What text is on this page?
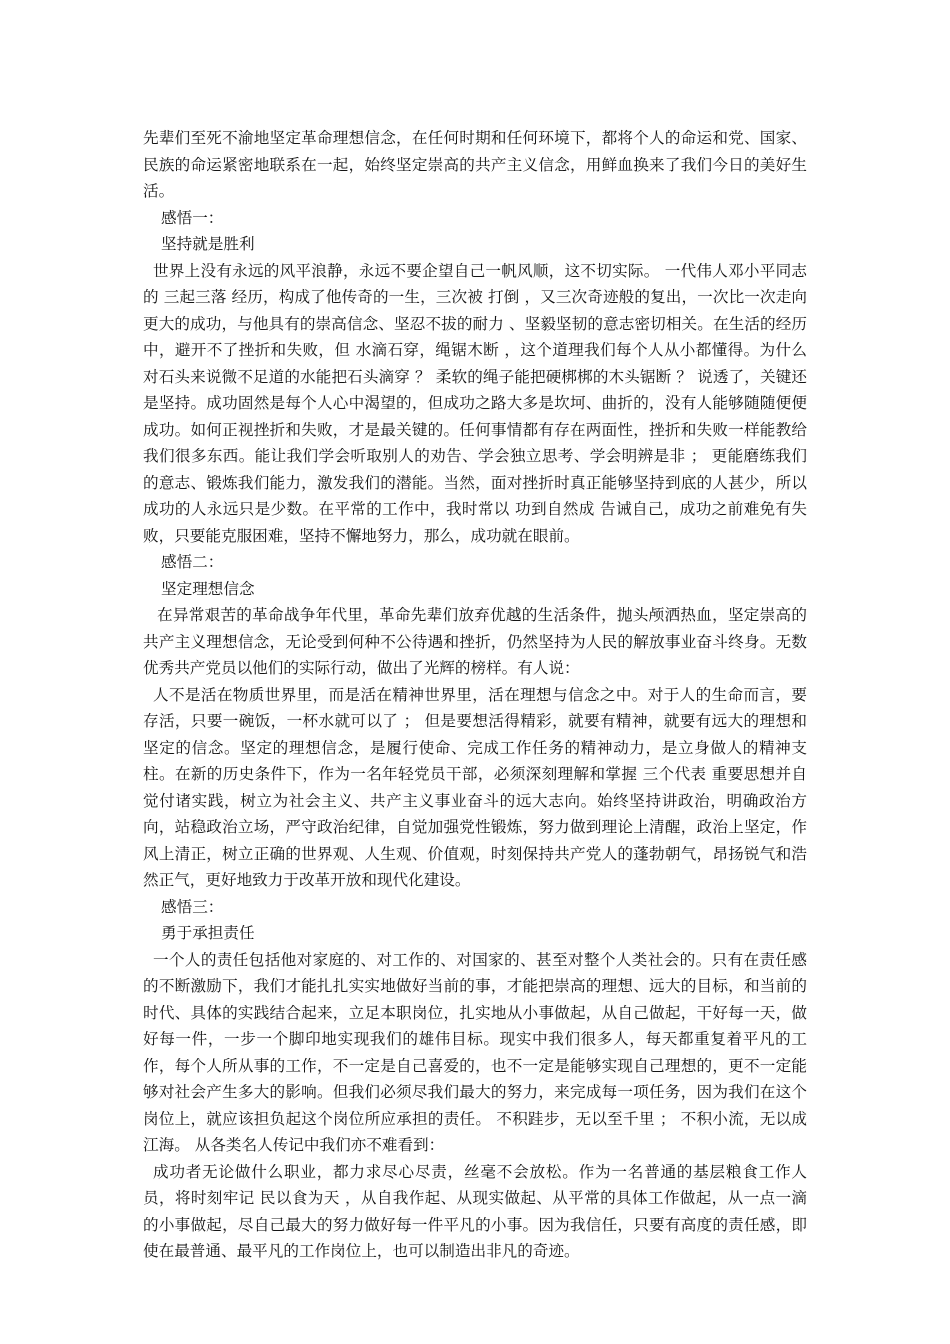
先辈们至死不渝地坚定革命理想信念，在任何时期和任何环境下，都将个人的命运和党、国家、民族的命运紧密地联系在一起，始终坚定崇高的共产主义信念，用鲜血换来了我们今日的美好生活。

感悟一：

坚持就是胜利

世界上没有永远的风平浪静，永远不要企望自己一帆风顺，这不切实际。 一代伟人邓小平同志的 三起三落 经历，构成了他传奇的一生，三次被 打倒 ，又三次奇迹般的复出，一次比一次走向更大的成功，与他具有的崇高信念、坚忍不拔的耐力 、坚毅坚韧的意志密切相关。在生活的经历中，避开不了挫折和失败，但 水滴石穿，绳锯木断 ，这个道理我们每个人从小都懂得。为什么对石头来说微不足道的水能把石头滴穿 ？ 柔软的绳子能把硬梆梆的木头锯断 ？ 说透了，关键还是坚持。成功固然是每个人心中渴望的，但成功之路大多是坎坷、曲折的，没有人能够随随便便成功。如何正视挫折和失败，才是最关键的。任何事情都有存在两面性，挫折和失败一样能教给我们很多东西。能让我们学会听取别人的劝告、学会独立思考、学会明辨是非 ； 更能磨练我们的意志、锻炼我们能力，激发我们的潜能。当然，面对挫折时真正能够坚持到底的人甚少，所以成功的人永远只是少数。在平常的工作中，我时常以 功到自然成 告诫自己，成功之前难免有失败，只要能克服困难，坚持不懈地努力，那么，成功就在眼前。

感悟二：

坚定理想信念

在异常艰苦的革命战争年代里，革命先辈们放弃优越的生活条件，抛头颅洒热血，坚定崇高的共产主义理想信念，无论受到何种不公待遇和挫折，仍然坚持为人民的解放事业奋斗终身。无数优秀共产党员以他们的实际行动，做出了光辉的榜样。有人说：

人不是活在物质世界里，而是活在精神世界里，活在理想与信念之中。对于人的生命而言，要存活，只要一碗饭，一杯水就可以了 ； 但是要想活得精彩，就要有精神，就要有远大的理想和坚定的信念。坚定的理想信念，是履行使命、完成工作任务的精神动力，是立身做人的精神支柱。在新的历史条件下，作为一名年轻党员干部，必须深刻理解和掌握 三个代表 重要思想并自觉付诸实践，树立为社会主义、共产主义事业奋斗的远大志向。始终坚持讲政治，明确政治方向，站稳政治立场，严守政治纪律，自觉加强党性锻炼，努力做到理论上清醒，政治上坚定，作风上清正，树立正确的世界观、人生观、价值观，时刻保持共产党人的蓬勃朝气，昂扬锐气和浩然正气，更好地致力于改革开放和现代化建设。

感悟三：

勇于承担责任

一个人的责任包括他对家庭的、对工作的、对国家的、甚至对整个人类社会的。只有在责任感的不断激励下，我们才能扎扎实实地做好当前的事，才能把崇高的理想、远大的目标，和当前的时代、具体的实践结合起来，立足本职岗位，扎实地从小事做起，从自己做起，干好每一天，做好每一件，一步一个脚印地实现我们的雄伟目标。现实中我们很多人，每天都重复着平凡的工作，每个人所从事的工作，不一定是自己喜爱的，也不一定是能够实现自己理想的，更不一定能够对社会产生多大的影响。但我们必须尽我们最大的努力，来完成每一项任务，因为我们在这个岗位上，就应该担负起这个岗位所应承担的责任。 不积跬步，无以至千里 ； 不积小流，无以成江海。 从各类名人传记中我们亦不难看到：

成功者无论做什么职业，都力求尽心尽责，丝毫不会放松。作为一名普通的基层粮食工作人员，将时刻牢记 民以食为天 ，从自我作起、从现实做起、从平常的具体工作做起，从一点一滴的小事做起，尽自己最大的努力做好每一件平凡的小事。因为我信任，只要有高度的责任感，即使在最普通、最平凡的工作岗位上，也可以制造出非凡的奇迹。
